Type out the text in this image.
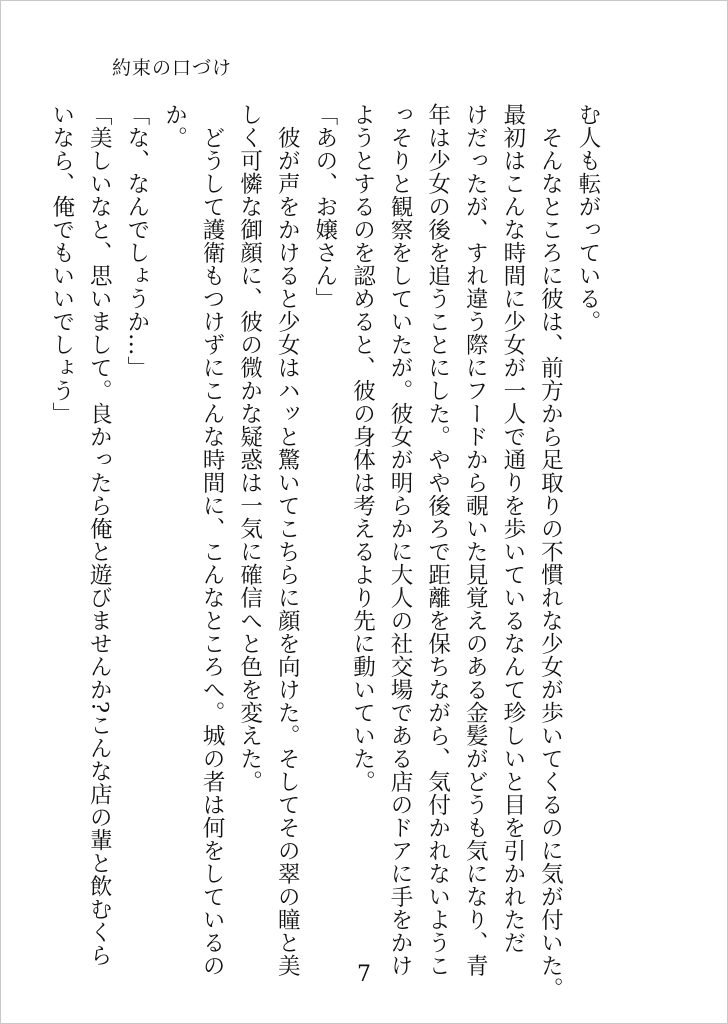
約束の口づけ

む人も転がっている。

　そんなところに彼は、前方から足取りの不慣れな少女が歩いてくるのに気が付いた。

最初はこんな時間に少女が一人で通りを歩いているなんて珍しいと目を引かれただ

けだったが、すれ違う際にフードから覗いた見覚えのある金髪がどうも気になり、青

年は少女の後を追うことにした。やや後ろで距離を保ちながら、気付かれないようこ

っそりと観察をしていたが。彼女が明らかに大人の社交場である店のドアに手をかけ

ようとするのを認めると、彼の身体は考えるより先に動いていた。

「あの、お嬢さん」

　彼が声をかけると少女はハッと驚いてこちらに顔を向けた。そしてその翠の瞳と美

しく可憐な御顔に、彼の微かな疑惑は一気に確信へと色を変えた。

　どうして護衛もつけずにこんな時間に、こんなところへ。城の者は何をしているの

か。

「な、なんでしょうか…」

「美しいなと、思いまして。良かったら俺と遊びませんか?こんな店の輩と飲むくら

いなら、俺でもいいでしょう」

7
